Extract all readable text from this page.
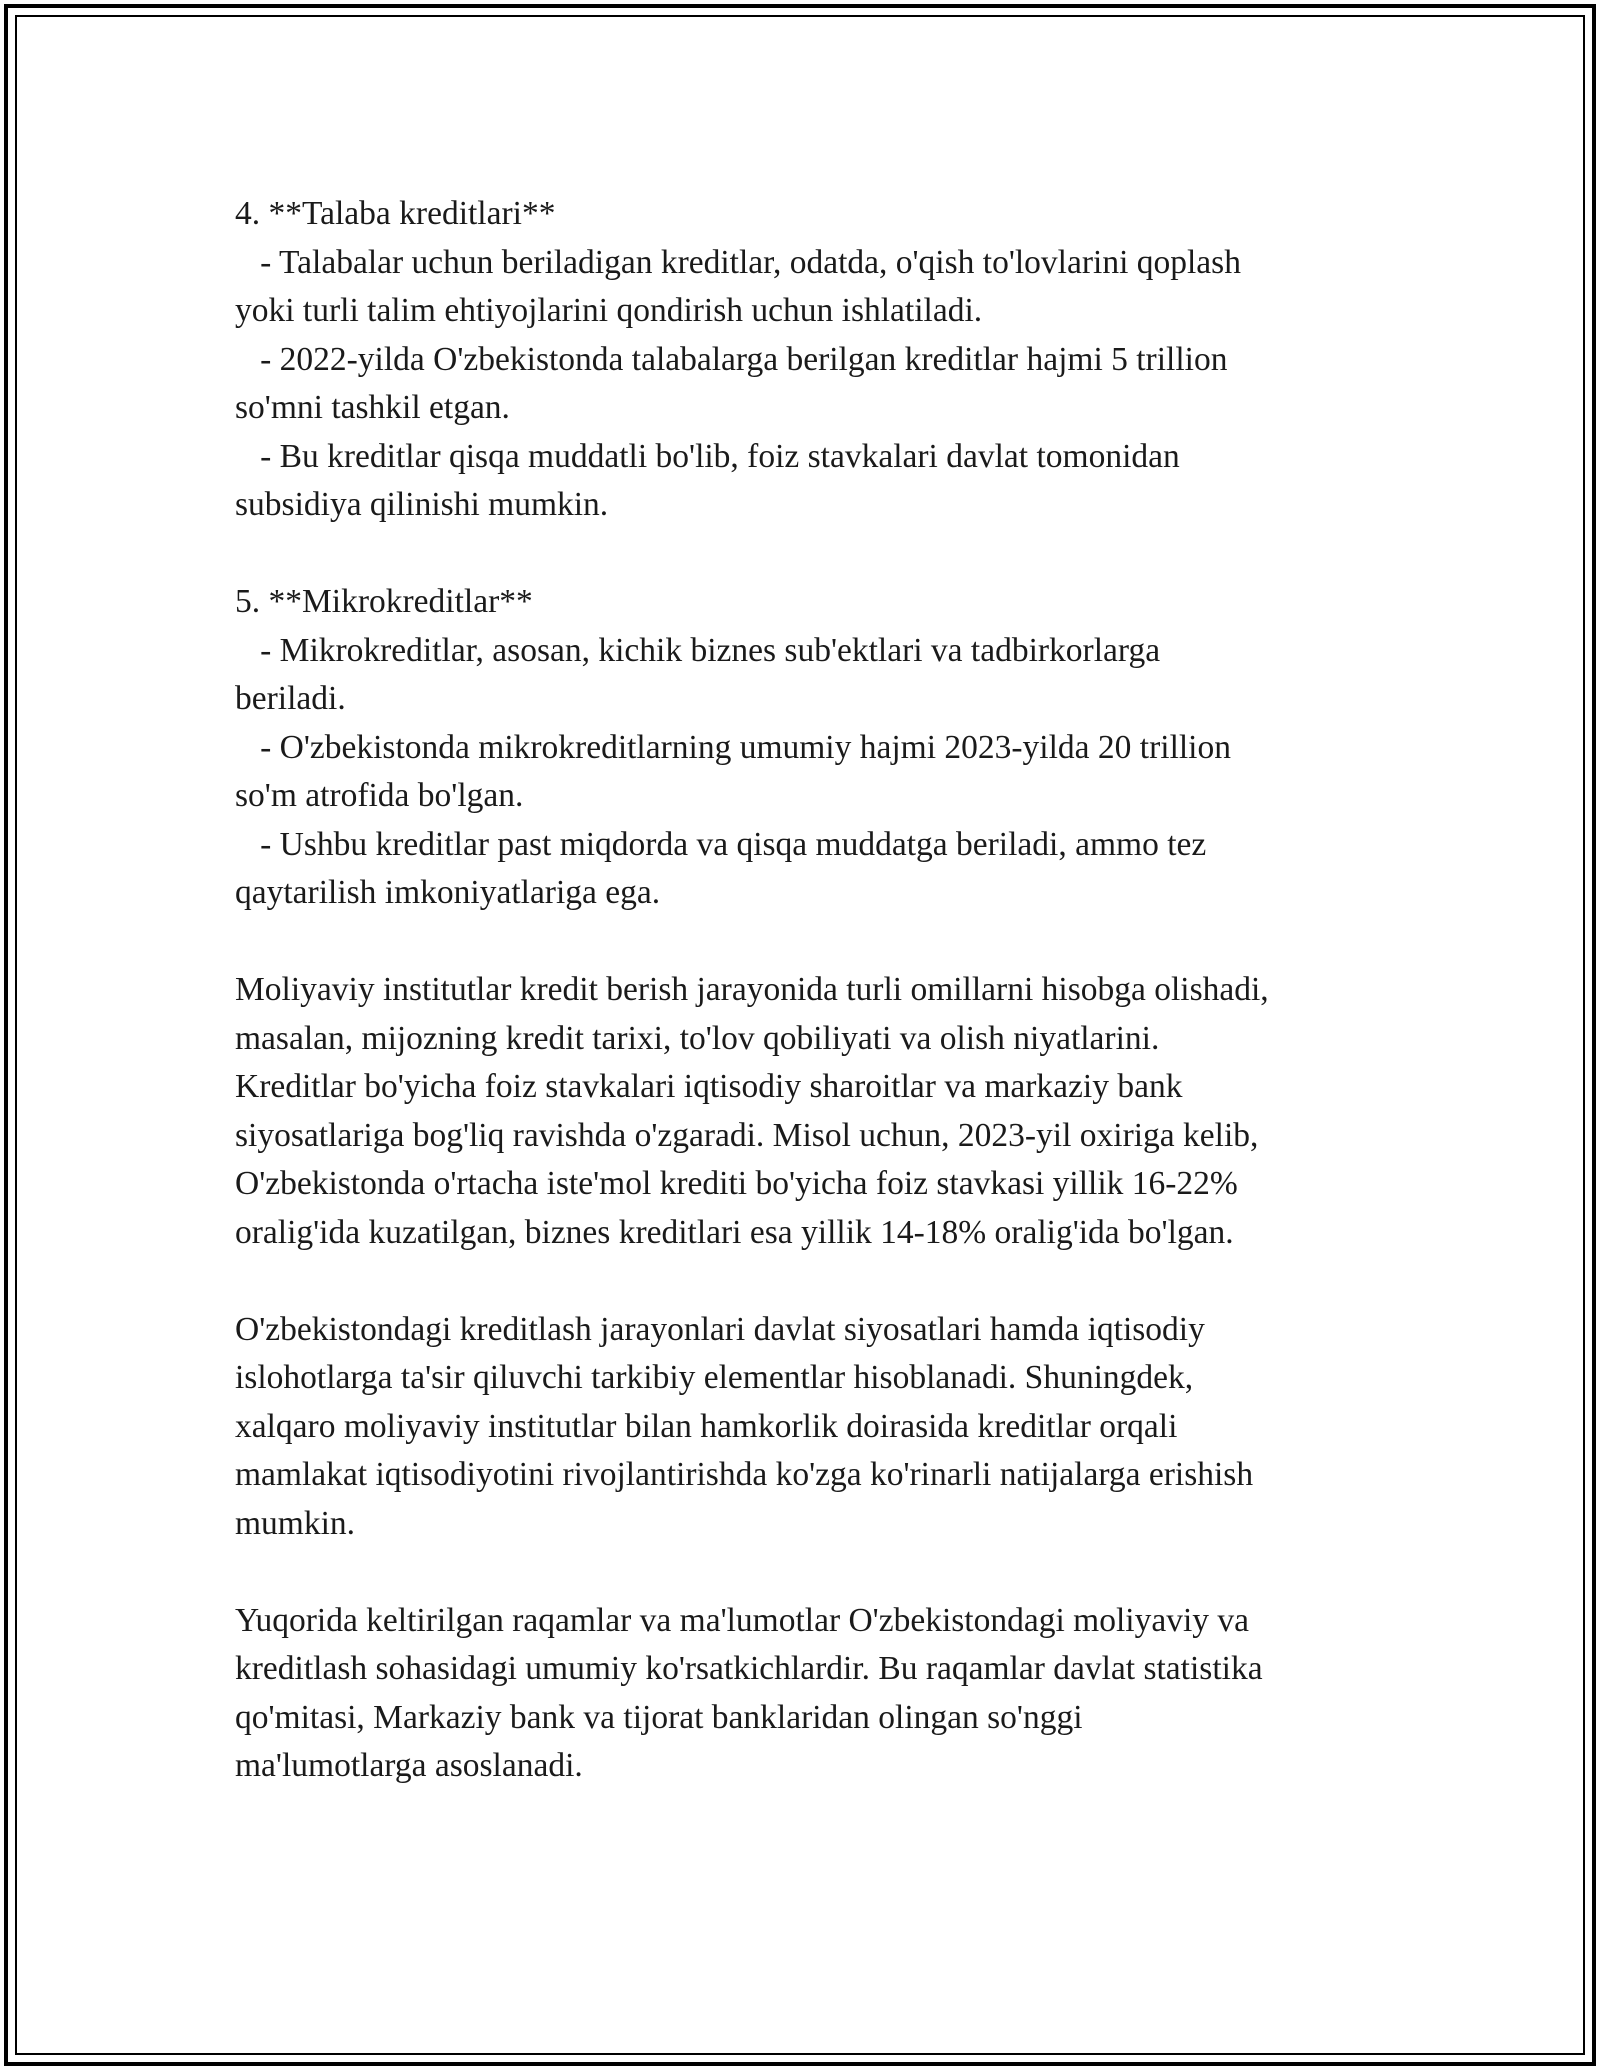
4. **Talaba kreditlari**
- Talabalar uchun beriladigan kreditlar, odatda, o'qish to'lovlarini qoplash
yoki turli talim ehtiyojlarini qondirish uchun ishlatiladi.
- 2022-yilda O'zbekistonda talabalarga berilgan kreditlar hajmi 5 trillion
so'mni tashkil etgan.
- Bu kreditlar qisqa muddatli bo'lib, foiz stavkalari davlat tomonidan
subsidiya qilinishi mumkin.
5. **Mikrokreditlar**
- Mikrokreditlar, asosan, kichik biznes sub'ektlari va tadbirkorlarga
beriladi.
- O'zbekistonda mikrokreditlarning umumiy hajmi 2023-yilda 20 trillion
so'm atrofida bo'lgan.
- Ushbu kreditlar past miqdorda va qisqa muddatga beriladi, ammo tez
qaytarilish imkoniyatlariga ega.
Moliyaviy institutlar kredit berish jarayonida turli omillarni hisobga olishadi,
masalan, mijozning kredit tarixi, to'lov qobiliyati va olish niyatlarini.
Kreditlar bo'yicha foiz stavkalari iqtisodiy sharoitlar va markaziy bank
siyosatlariga bog'liq ravishda o'zgaradi. Misol uchun, 2023-yil oxiriga kelib,
O'zbekistonda o'rtacha iste'mol krediti bo'yicha foiz stavkasi yillik 16-22%
oralig'ida kuzatilgan, biznes kreditlari esa yillik 14-18% oralig'ida bo'lgan.
O'zbekistondagi kreditlash jarayonlari davlat siyosatlari hamda iqtisodiy
islohotlarga ta'sir qiluvchi tarkibiy elementlar hisoblanadi. Shuningdek,
xalqaro moliyaviy institutlar bilan hamkorlik doirasida kreditlar orqali
mamlakat iqtisodiyotini rivojlantirishda ko'zga ko'rinarli natijalarga erishish
mumkin.
Yuqorida keltirilgan raqamlar va ma'lumotlar O'zbekistondagi moliyaviy va
kreditlash sohasidagi umumiy ko'rsatkichlardir. Bu raqamlar davlat statistika
qo'mitasi, Markaziy bank va tijorat banklaridan olingan so'nggi
ma'lumotlarga asoslanadi.
